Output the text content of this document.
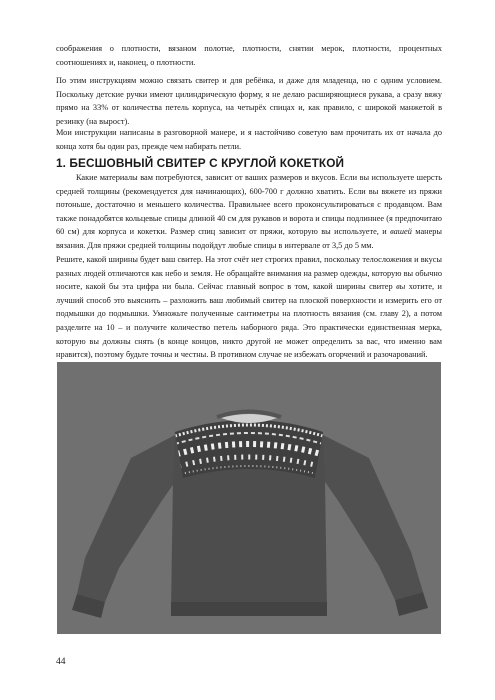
соображения о плотности, вязаном полотне, плотности, снятии мерок, плотности, процентных соотношениях и, наконец, о плотности.

По этим инструкциям можно связать свитер и для ребёнка, и даже для младенца, но с одним условием. Поскольку детские ручки имеют цилиндрическую форму, я не делаю расширяющиеся рукава, а сразу вяжу прямо на 33% от количества петель корпуса, на четырёх спицах и, как правило, с широкой манжетой в резинку (на вырост).

Мои инструкции написаны в разговорной манере, и я настойчиво советую вам прочитать их от начала до конца хотя бы один раз, прежде чем набирать петли.

1. БЕСШОВНЫЙ СВИТЕР С КРУГЛОЙ КОКЕТКОЙ

Какие материалы вам потребуются, зависит от ваших размеров и вкусов. Если вы используете шерсть средней толщины (рекомендуется для начинающих), 600-700 г должно хватить. Если вы вяжете из пряжи потоньше, достаточно и меньшего количества. Правильнее всего проконсультироваться с продавцом. Вам также понадобятся кольцевые спицы длиной 40 см для рукавов и ворота и спицы подлиннее (я предпочитаю 60 см) для корпуса и кокетки. Размер спиц зависит от пряжи, которую вы используете, и вашей манеры вязания. Для пряжи средней толщины подойдут любые спицы в интервале от 3,5 до 5 мм.

Решите, какой ширины будет ваш свитер. На этот счёт нет строгих правил, поскольку телосложения и вкусы разных людей отличаются как небо и земля. Не обращайте внимания на размер одежды, которую вы обычно носите, какой бы эта цифра ни была. Сейчас главный вопрос в том, какой ширины свитер вы хотите, и лучший способ это выяснить – разложить ваш любимый свитер на плоской поверхности и измерить его от подмышки до подмышки. Умножьте полученные сантиметры на плотность вязания (см. главу 2), а потом разделите на 10 – и получите количество петель наборного ряда. Это практически единственная мерка, которую вы должны снять (в конце концов, никто другой не может определить за вас, что именно вам нравится), поэтому будьте точны и честны. В противном случае не избежать огорчений и разочарований.

44
